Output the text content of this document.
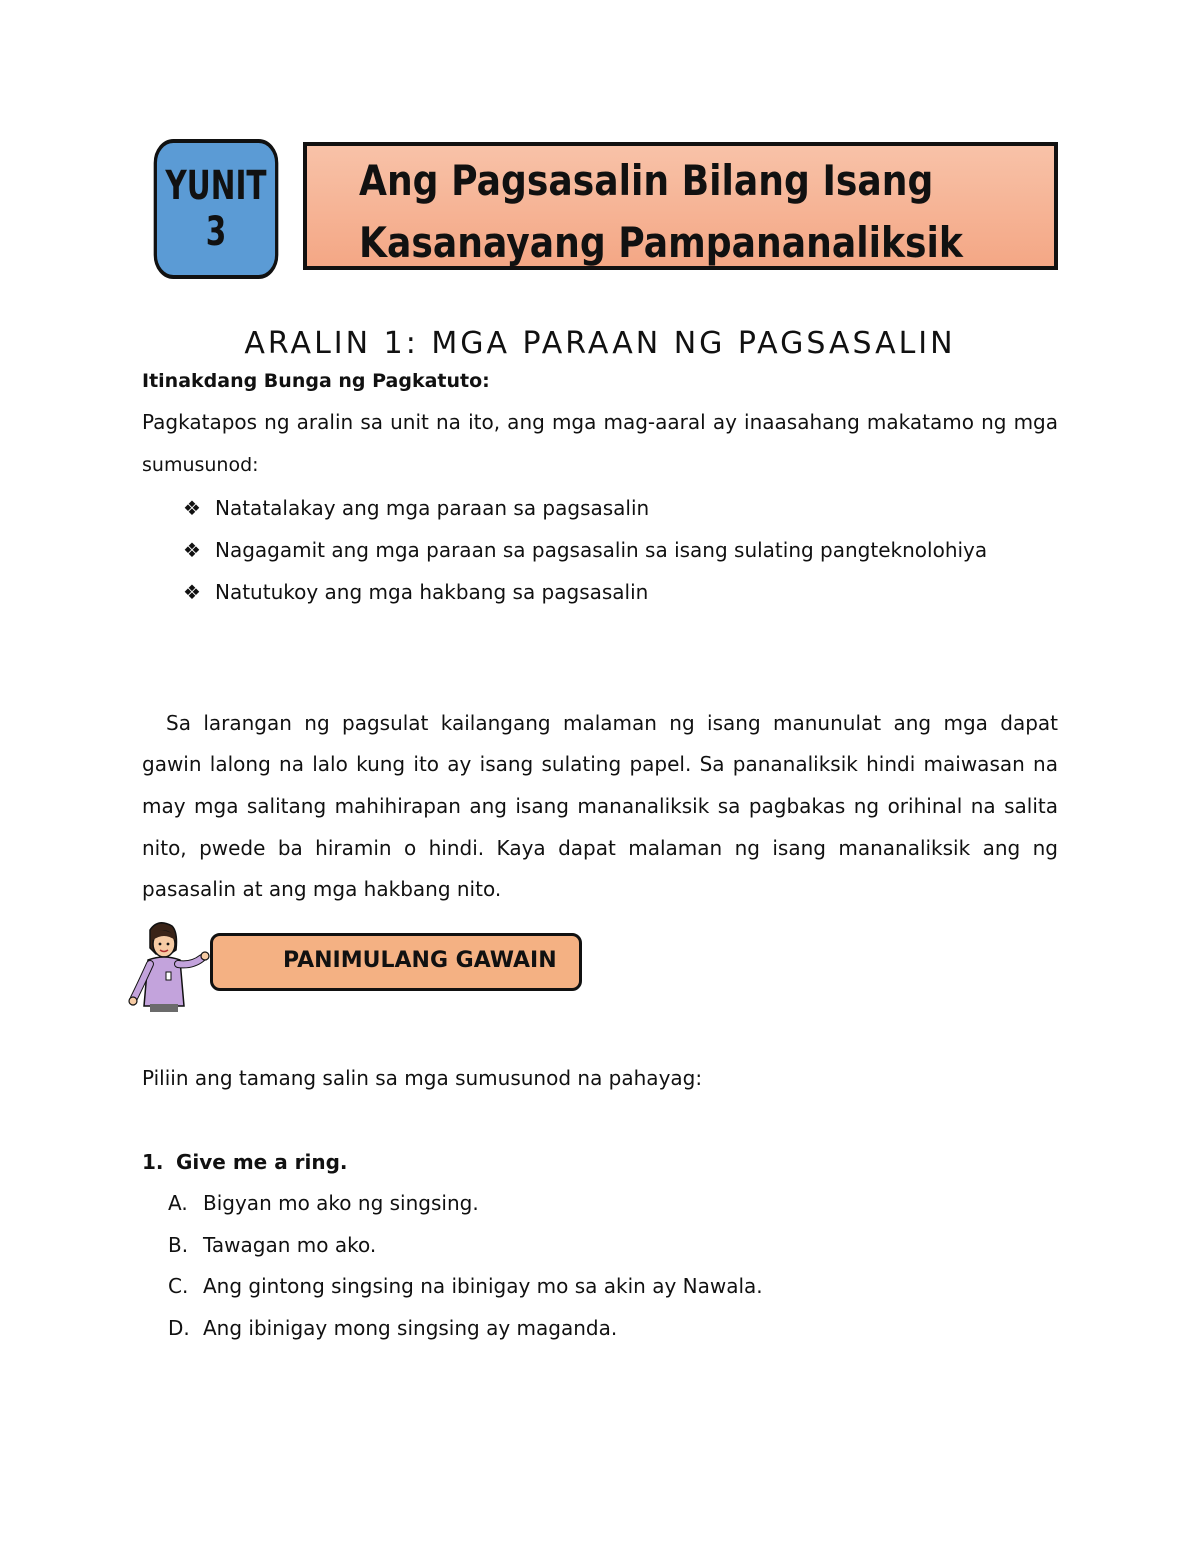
YUNIT
3
Ang Pagsasalin Bilang Isang
Kasanayang Pampananaliksik
ARALIN 1: MGA PARAAN NG PAGSASALIN
Itinakdang Bunga ng Pagkatuto:
Pagkatapos ng aralin sa unit na ito, ang mga mag-aaral ay inaasahang makatamo ng mga
sumusunod:
❖ Natatalakay ang mga paraan sa pagsasalin
❖ Nagagamit ang mga paraan sa pagsasalin sa isang sulating pangteknolohiya
❖ Natutukoy ang mga hakbang sa pagsasalin
Sa larangan ng pagsulat kailangang malaman ng isang manunulat ang mga dapat
gawin lalong na lalo kung ito ay isang sulating papel. Sa pananaliksik hindi maiwasan na
may mga salitang mahihirapan ang isang mananaliksik sa pagbakas ng orihinal na salita
nito, pwede ba hiramin o hindi. Kaya dapat malaman ng isang mananaliksik ang ng
pasasalin at ang mga hakbang nito.
PANIMULANG GAWAIN
Piliin ang tamang salin sa mga sumusunod na pahayag:
1. Give me a ring.
A. Bigyan mo ako ng singsing.
B. Tawagan mo ako.
C. Ang gintong singsing na ibinigay mo sa akin ay Nawala.
D. Ang ibinigay mong singsing ay maganda.
